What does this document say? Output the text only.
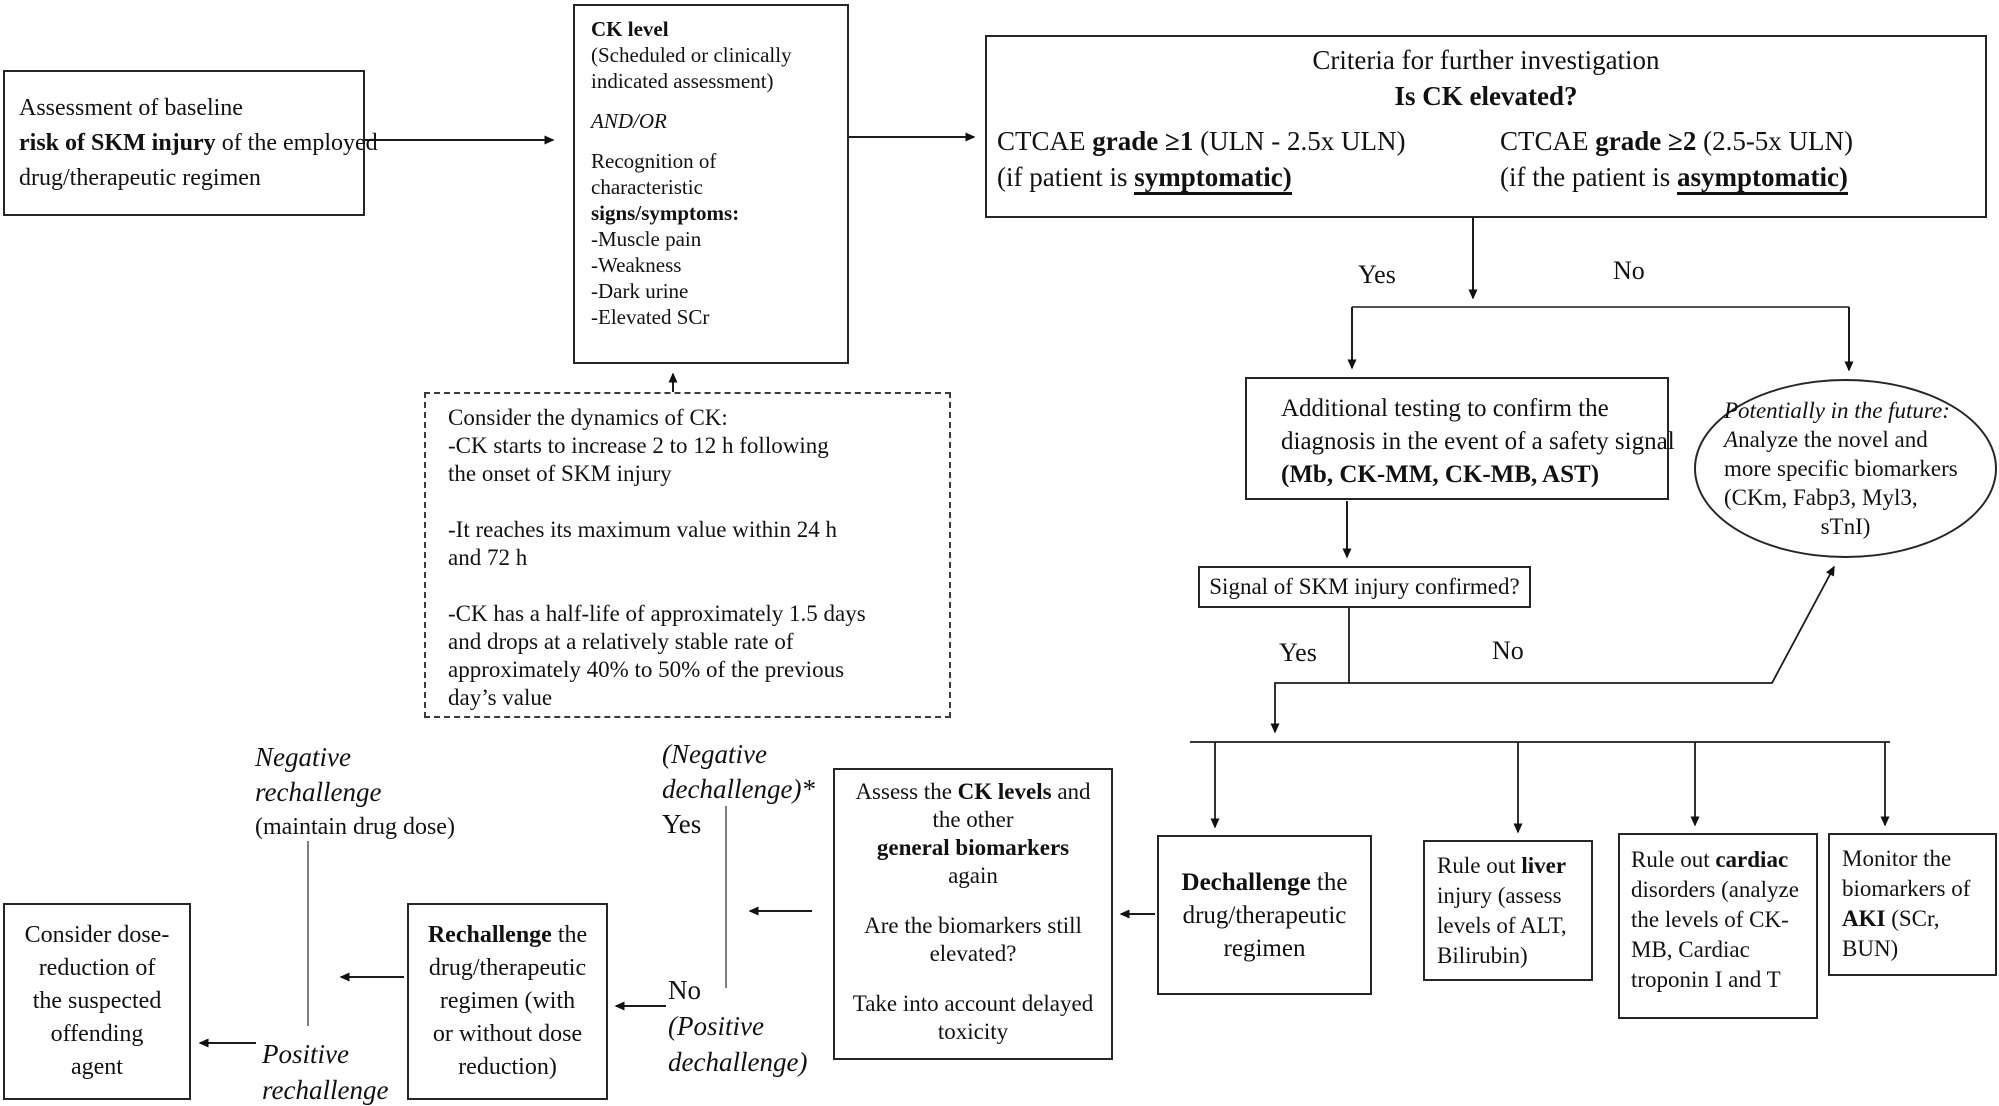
Assessment of baseline
risk of SKM injury of the employed
drug/therapeutic regimen
CK level
(Scheduled or clinically
indicated assessment)
AND/OR
Recognition of
characteristic
signs/symptoms:
-Muscle pain
-Weakness
-Dark urine
-Elevated SCr
Criteria for further investigation
Is CK elevated?
CTCAE grade ≥1 (ULN - 2.5x ULN)
(if patient is symptomatic)
CTCAE grade ≥2 (2.5-5x ULN)
(if the patient is asymptomatic)
Yes	No
Additional testing to confirm the
diagnosis in the event of a safety signal
(Mb, CK-MM, CK-MB, AST)
Potentially in the future:
Analyze the novel and
more specific biomarkers
(CKm, Fabp3, Myl3,
sTnI)
Signal of SKM injury confirmed?
Yes	No
Dechallenge the
drug/therapeutic
regimen
Rule out liver
injury (assess
levels of ALT,
Bilirubin)
Rule out cardiac
disorders (analyze
the levels of CK-
MB, Cardiac
troponin I and T
Monitor the
biomarkers of
AKI (SCr,
BUN)
Assess the CK levels and
the other
general biomarkers
again
Are the biomarkers still
elevated?
Take into account delayed
toxicity
(Negative
dechallenge)*
Yes
No
(Positive
dechallenge)
Rechallenge the
drug/therapeutic
regimen (with
or without dose
reduction)
Negative
rechallenge
(maintain drug dose)
Positive
rechallenge
Consider dose-
reduction of
the suspected
offending
agent
Consider the dynamics of CK:
-CK starts to increase 2 to 12 h following
the onset of SKM injury
-It reaches its maximum value within 24 h
and 72 h
-CK has a half-life of approximately 1.5 days
and drops at a relatively stable rate of
approximately 40% to 50% of the previous
day’s value
